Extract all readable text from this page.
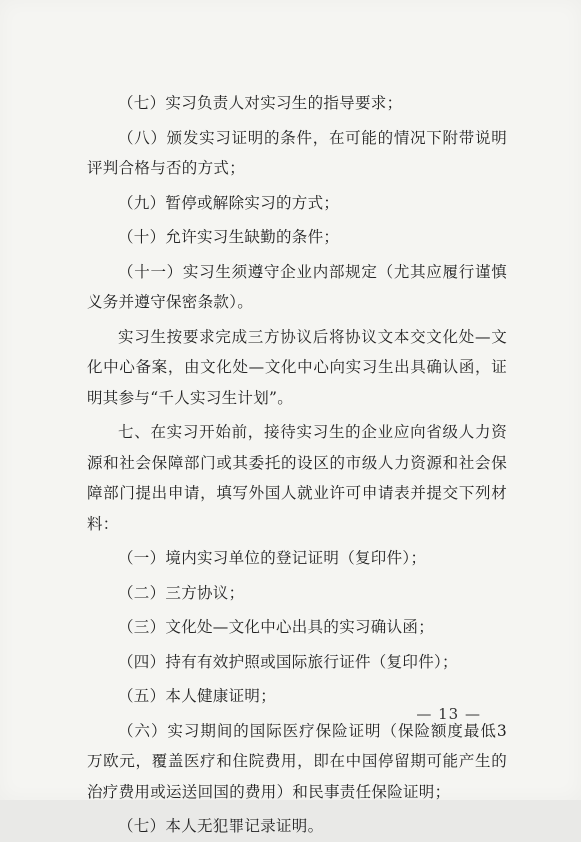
（七）实习负责人对实习生的指导要求；

（八）颁发实习证明的条件，在可能的情况下附带说明评判合格与否的方式；

（九）暂停或解除实习的方式；

（十）允许实习生缺勤的条件；

（十一）实习生须遵守企业内部规定（尤其应履行谨慎义务并遵守保密条款）。

实习生按要求完成三方协议后将协议文本交文化处—文化中心备案，由文化处—文化中心向实习生出具确认函，证明其参与“千人实习生计划”。

七、在实习开始前，接待实习生的企业应向省级人力资源和社会保障部门或其委托的设区的市级人力资源和社会保障部门提出申请，填写外国人就业许可申请表并提交下列材料：

（一）境内实习单位的登记证明（复印件）；

（二）三方协议；

（三）文化处—文化中心出具的实习确认函；

（四）持有有效护照或国际旅行证件（复印件）；

（五）本人健康证明；

（六）实习期间的国际医疗保险证明（保险额度最低3万欧元，覆盖医疗和住院费用，即在中国停留期可能产生的治疗费用或运送回国的费用）和民事责任保险证明；

（七）本人无犯罪记录证明。

— 13 —
